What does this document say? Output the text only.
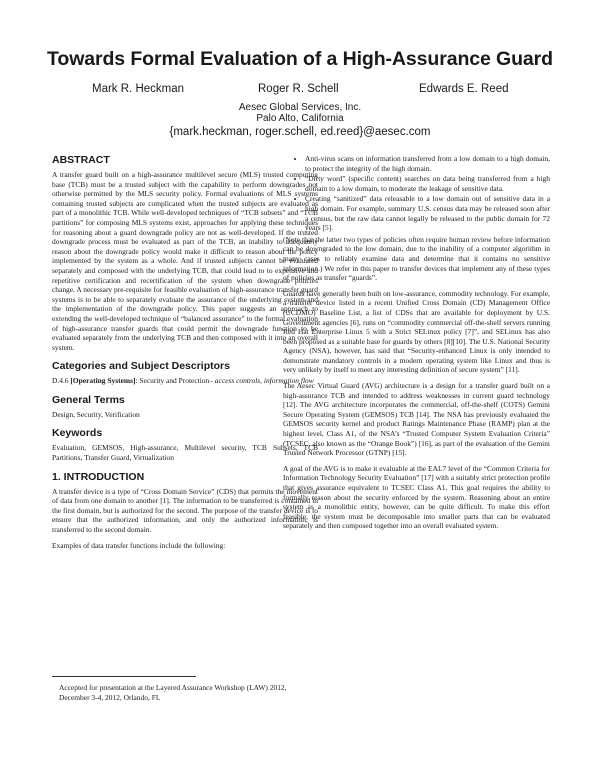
Towards Formal Evaluation of a High-Assurance Guard
Mark R. Heckman	Roger R. Schell	Edwards E. Reed
Aesec Global Services, Inc.
Palo Alto, California
{mark.heckman, roger.schell, ed.reed}@aesec.com
ABSTRACT

A transfer guard built on a high-assurance multilevel secure (MLS) trusted computing base (TCB) must be a trusted subject with the capability to perform downgrades not otherwise permitted by the MLS security policy. Formal evaluations of MLS systems containing trusted subjects are complicated when the trusted subjects are evaluated as part of a monolithic TCB. While well-developed techniques of “TCB subsets” and “TCB partitions” for composing MLS systems exist, approaches for applying these techniques for reasoning about a guard downgrade policy are not as well-developed. If the trusted downgrade process must be evaluated as part of the TCB, an inability to adequately reason about the downgrade policy would make it difficult to reason about the policy implemented by the system as a whole. And if trusted subjects cannot be evaluated separately and composed with the underlying TCB, that could lead to to expensive and repetitive certification and recertification of the system when downgrade policies change. A necessary pre-requisite for feasible evaluation of high-assurance transfer guard systems is to be able to separately evaluate the assurance of the underlying system and the implementation of the downgrade policy. This paper suggests an approach to extending the well-developed technique of “balanced assurance” to the formal evaluation of high-assurance transfer guards that could permit the downgrade function to be evaluated separately from the underlying TCB and then composed with it into an overall system.

Categories and Subject Descriptors

D.4.6 [Operating Systems]: Security and Protection– access controls, information flow

General Terms

Design, Security, Verification

Keywords

Evaluation, GEMSOS, High-assurance, Multilevel security, TCB Subsets, TCB Partitions, Transfer Guard, Virtualization

1. INTRODUCTION

A transfer device is a type of “Cross Domain Service” (CDS) that permits the movement of data from one domain to another [1]. The information to be transferred is contained in the first domain, but is authorized for the second. The purpose of the transfer device is to ensure that the authorized information, and only the authorized information, is transferred to the second domain.

Examples of data transfer functions include the following:

Accepted for presentation at the Layered Assurance Workshop (LAW) 2012, December 3-4, 2012, Orlando, FL
• Anti-virus scans on information transferred from a low domain to a high domain, to protect the integrity of the high domain.
• “Dirty word” (specific content) searches on data being transferred from a high domain to a low domain, to moderate the leakage of sensitive data.
• Creating “sanitized” data releasable to a low domain out of sensitive data in a high domain. For example, summary U.S. census data may be released soon after a census, but the raw data cannot legally be released to the public domain for 72 years [5].

(Note that the latter two types of policies often require human review before information can be downgraded to the low domain, due to the inability of a computer algorithm in many cases to reliably examine data and determine that it contains no sensitive information.) We refer in this paper to transfer devices that implement any of these types of policies as transfer “guards”.

Guards have generally been built on low-assurance, commodity technology. For example, a transfer device listed in a recent Unified Cross Domain (CD) Management Office (UCDMO) Baseline List, a list of CDSs that are available for deployment by U.S. Government agencies [6], runs on “commodity commercial off-the-shelf servers running Red Hat Enterprise Linux 5 with a Strict SELinux policy [7]”, and SELinux has also been proposed as a suitable base for guards by others [8][10]. The U.S. National Security Agency (NSA), however, has said that “Security-enhanced Linux is only intended to demonstrate mandatory controls in a modern operating system like Linux and thus is very unlikely by itself to meet any interesting definition of secure system” [11].

The Aesec Virtual Guard (AVG) architecture is a design for a transfer guard built on a high-assurance TCB and intended to address weaknesses in current guard technology [12]. The AVG architecture incorporates the commercial, off-the-shelf (COTS) Gemini Secure Operating System (GEMSOS) TCB [14]. The NSA has previously evaluated the GEMSOS security kernel and product Ratings Maintenance Phase (RAMP) plan at the highest level, Class A1, of the NSA’s “Trusted Computer System Evaluation Criteria” (TCSEC, also known as the “Orange Book”) [16], as part of the evaluation of the Gemini Trusted Network Processor (GTNP) [15].

A goal of the AVG is to make it evaluable at the EAL7 level of the “Common Criteria for Information Technology Security Evaluation” [17] with a suitably strict protection profile that gives assurance equivalent to TCSEC Class A1. This goal requires the ability to formally reason about the security enforced by the system. Reasoning about an entire system as a monolithic entity, however, can be quite difficult. To make this effort feasible, the system must be decomposable into smaller parts that can be evaluated separately and then composed together into an overall evaluated system.
